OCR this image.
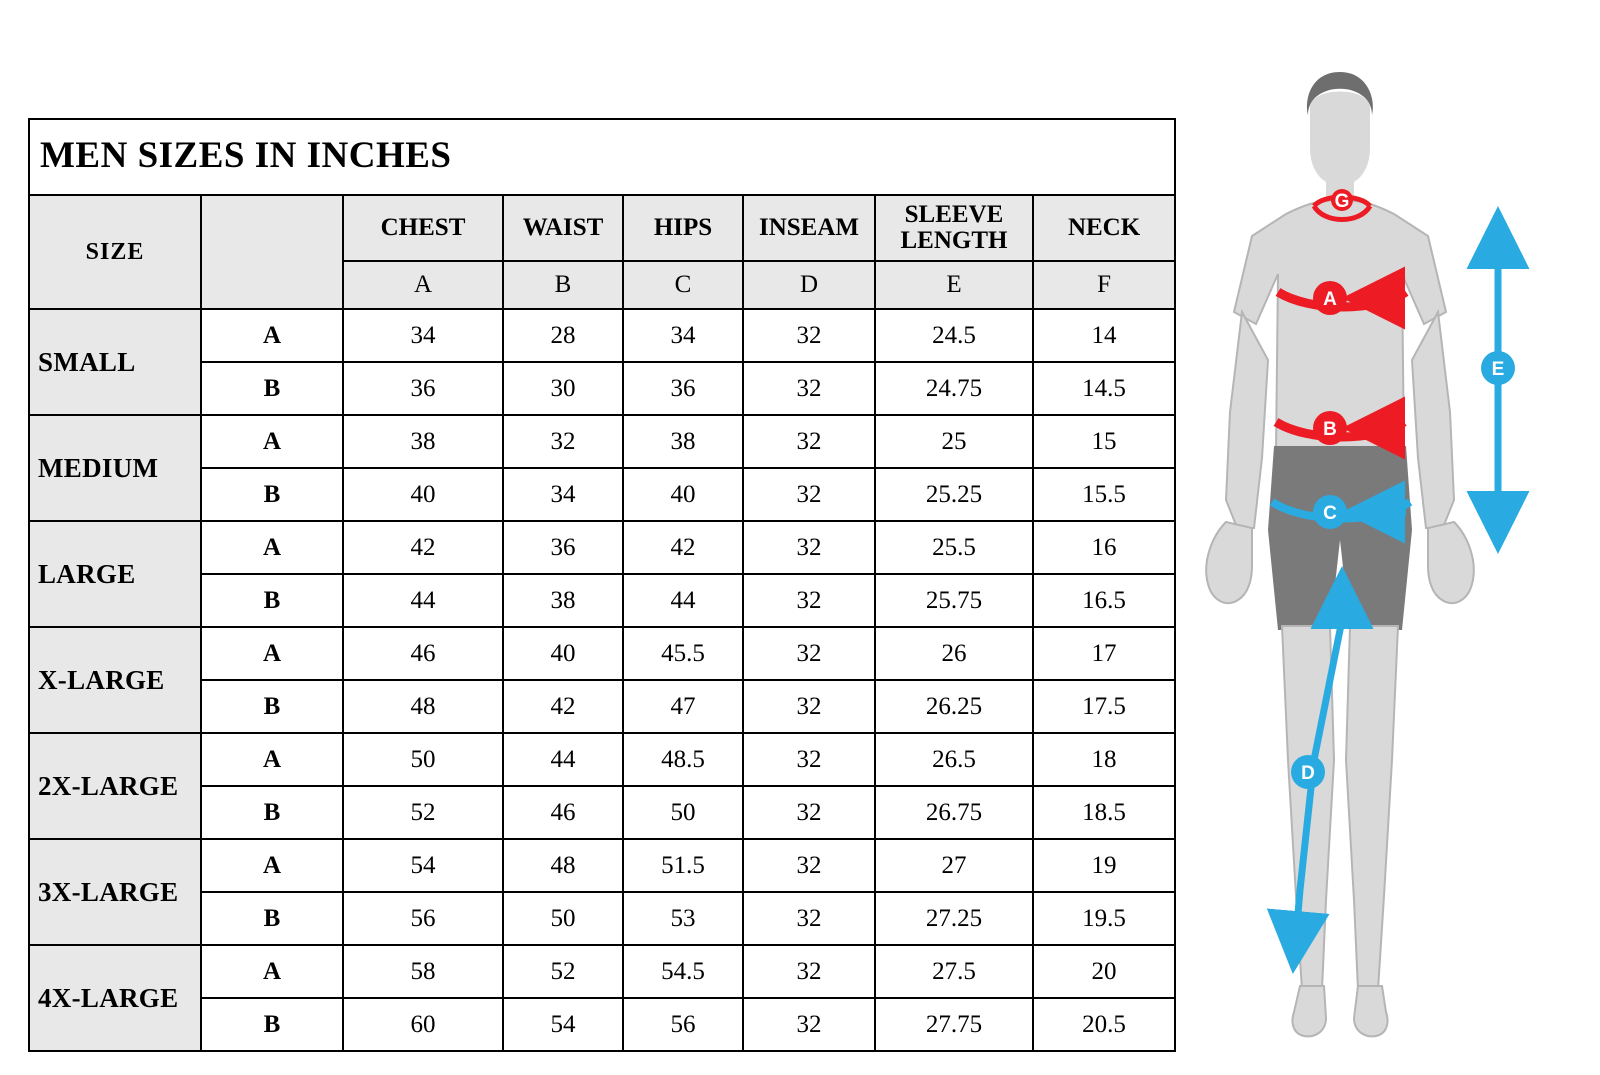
MEN SIZES IN INCHES							
SIZE		CHEST	WAIST	HIPS	INSEAM	SLEEVE LENGTH	NECK
		A	B	C	D	E	F
SMALL	A	34	28	34	32	24.5	14
	B	36	30	36	32	24.75	14.5
MEDIUM	A	38	32	38	32	25	15
	B	40	34	40	32	25.25	15.5
LARGE	A	42	36	42	32	25.5	16
	B	44	38	44	32	25.75	16.5
X-LARGE	A	46	40	45.5	32	26	17
	B	48	42	47	32	26.25	17.5
2X-LARGE	A	50	44	48.5	32	26.5	18
	B	52	46	50	32	26.75	18.5
3X-LARGE	A	54	48	51.5	32	27	19
	B	56	50	53	32	27.25	19.5
4X-LARGE	A	58	52	54.5	32	27.5	20
	B	60	54	56	32	27.75	20.5
G
A
B
C
D
E
